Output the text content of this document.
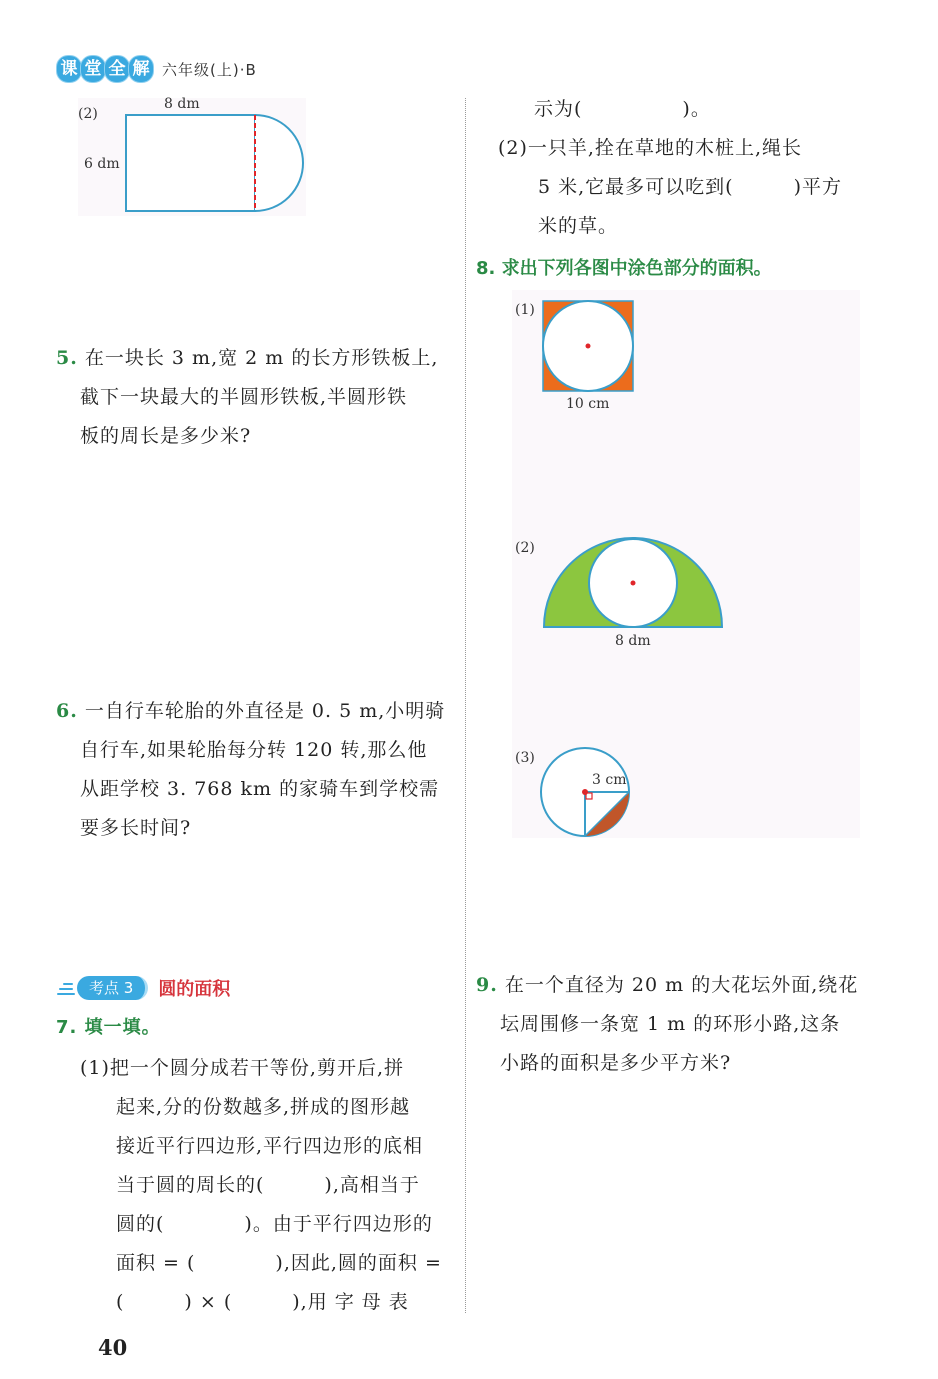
课 堂 全 解 六年级(上)·B
(2)
8 dm
6 dm
5. 在一块长 3 m,宽 2 m 的长方形铁板上,
截下一块最大的半圆形铁板,半圆形铁
板的周长是多少米?
6. 一自行车轮胎的外直径是 0. 5 m,小明骑
自行车,如果轮胎每分转 120 转,那么他
从距学校 3. 768 km 的家骑车到学校需
要多长时间?
考点 3	圆的面积
7. 填一填。
(1)把一个圆分成若干等份,剪开后,拼
起来,分的份数越多,拼成的图形越
接近平行四边形,平行四边形的底相
当于圆的周长的(　　　),高相当于
圆的(　　　　)。由于平行四边形的
面积 = (　　　　),因此,圆的面积 =
(　　　) × (　　　),用 字 母 表
示为(　　　　　)。
(2)一只羊,拴在草地的木桩上,绳长
5 米,它最多可以吃到(　　　)平方
米的草。
8. 求出下列各图中涂色部分的面积。
(1)
10 cm
(2)
8 dm
(3)
3 cm
9. 在一个直径为 20 m 的大花坛外面,绕花
坛周围修一条宽 1 m 的环形小路,这条
小路的面积是多少平方米?
40
